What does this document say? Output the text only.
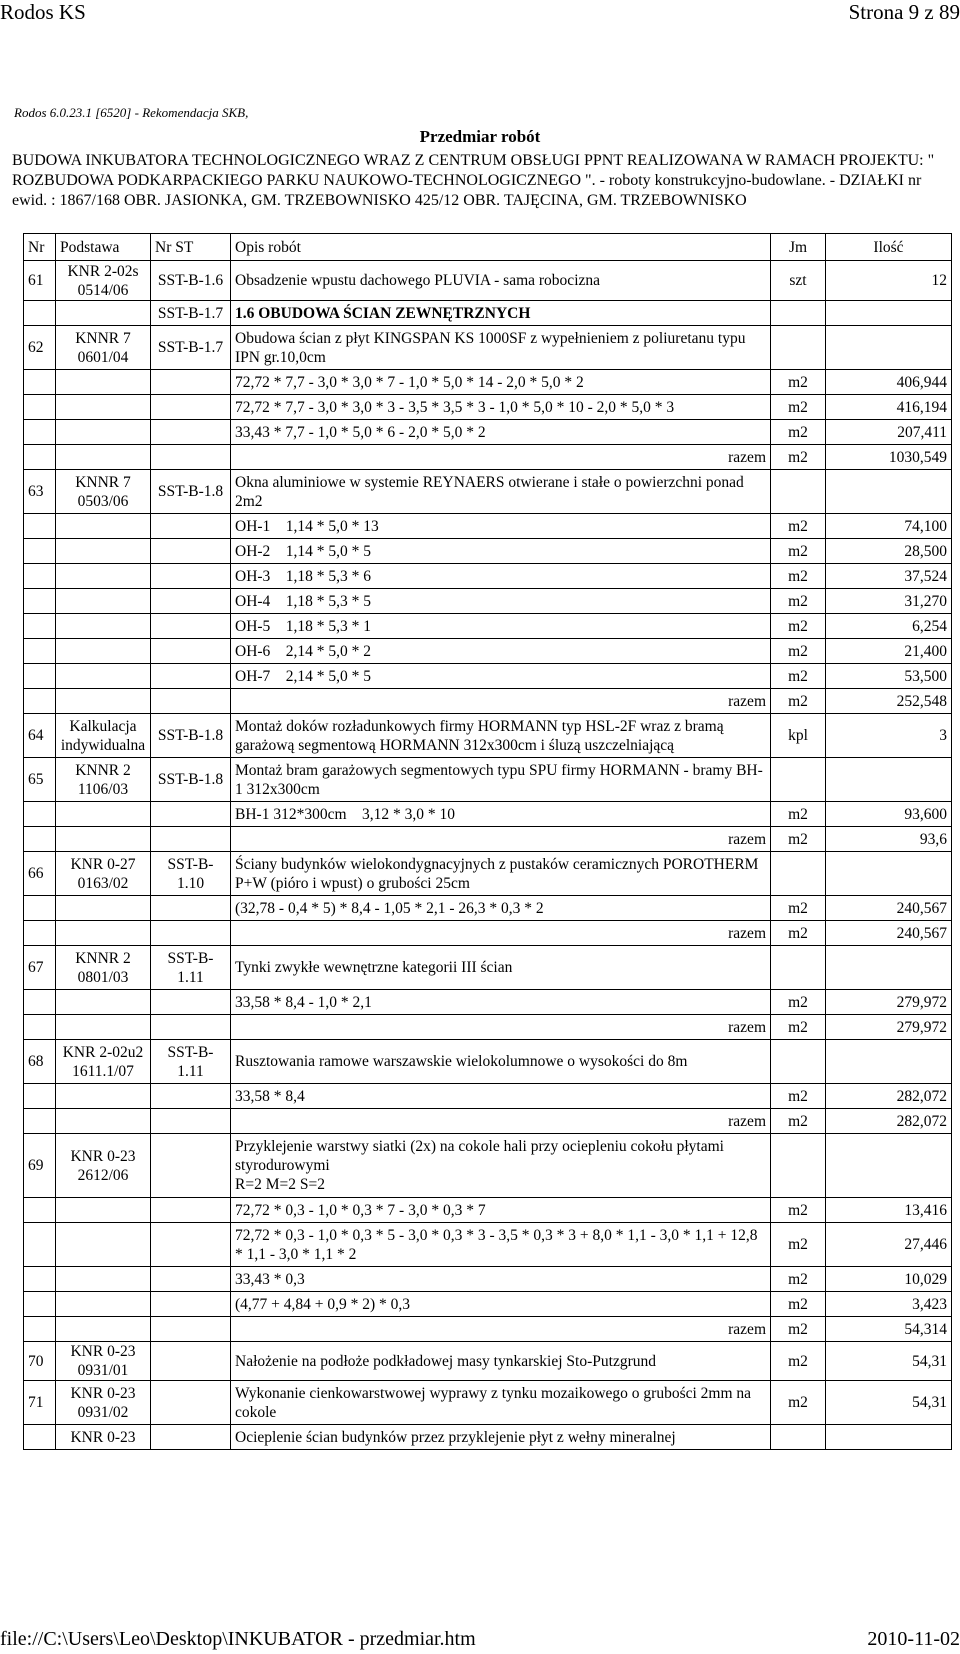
Rodos KS	Strona 9 z 89
Rodos 6.0.23.1 [6520] - Rekomendacja SKB,
Przedmiar robót
BUDOWA INKUBATORA TECHNOLOGICZNEGO WRAZ Z CENTRUM OBSŁUGI PPNT REALIZOWANA W RAMACH PROJEKTU: " ROZBUDOWA PODKARPACKIEGO PARKU NAUKOWO-TECHNOLOGICZNEGO ". - roboty konstrukcyjno-budowlane. - DZIAŁKI nr ewid. : 1867/168 OBR. JASIONKA, GM. TRZEBOWNISKO 425/12 OBR. TAJĘCINA, GM. TRZEBOWNISKO
Nr	Podstawa	Nr ST	Opis robót	Jm	Ilość
61	KNR 2-02s 0514/06	SST-B-1.6	Obsadzenie wpustu dachowego PLUVIA - sama robocizna	szt	12
		SST-B-1.7	1.6 OBUDOWA ŚCIAN ZEWNĘTRZNYCH		
62	KNNR 7 0601/04	SST-B-1.7	Obudowa ścian z płyt KINGSPAN KS 1000SF z wypełnieniem z poliuretanu typu IPN gr.10,0cm		
			72,72 * 7,7 - 3,0 * 3,0 * 7 - 1,0 * 5,0 * 14 - 2,0 * 5,0 * 2	m2	406,944
			72,72 * 7,7 - 3,0 * 3,0 * 3 - 3,5 * 3,5 * 3 - 1,0 * 5,0 * 10 - 2,0 * 5,0 * 3	m2	416,194
			33,43 * 7,7 - 1,0 * 5,0 * 6 - 2,0 * 5,0 * 2	m2	207,411
			razem	m2	1030,549
63	KNNR 7 0503/06	SST-B-1.8	Okna aluminiowe w systemie REYNAERS otwierane i stałe o powierzchni ponad 2m2		
			OH-1    1,14 * 5,0 * 13	m2	74,100
			OH-2    1,14 * 5,0 * 5	m2	28,500
			OH-3    1,18 * 5,3 * 6	m2	37,524
			OH-4    1,18 * 5,3 * 5	m2	31,270
			OH-5    1,18 * 5,3 * 1	m2	6,254
			OH-6    2,14 * 5,0 * 2	m2	21,400
			OH-7    2,14 * 5,0 * 5	m2	53,500
			razem	m2	252,548
64	Kalkulacja indywidualna	SST-B-1.8	Montaż doków rozładunkowych firmy HORMANN typ HSL-2F wraz z bramą garażową segmentową HORMANN 312x300cm i śluzą uszczelniającą	kpl	3
65	KNNR 2 1106/03	SST-B-1.8	Montaż bram garażowych segmentowych typu SPU firmy HORMANN - bramy BH-1 312x300cm		
			BH-1 312*300cm    3,12 * 3,0 * 10	m2	93,600
			razem	m2	93,6
66	KNR 0-27 0163/02	SST-B-1.10	Ściany budynków wielokondygnacyjnych z pustaków ceramicznych POROTHERM P+W (pióro i wpust) o grubości 25cm		
			(32,78 - 0,4 * 5) * 8,4 - 1,05 * 2,1 - 26,3 * 0,3 * 2	m2	240,567
			razem	m2	240,567
67	KNNR 2 0801/03	SST-B-1.11	Tynki zwykłe wewnętrzne kategorii III ścian		
			33,58 * 8,4 - 1,0 * 2,1	m2	279,972
			razem	m2	279,972
68	KNR 2-02u2 1611.1/07	SST-B-1.11	Rusztowania ramowe warszawskie wielokolumnowe o wysokości do 8m		
			33,58 * 8,4	m2	282,072
			razem	m2	282,072
69	KNR 0-23 2612/06		Przyklejenie warstwy siatki (2x) na cokole hali przy ociepleniu cokołu płytami styrodurowymi
R=2 M=2 S=2		
			72,72 * 0,3 - 1,0 * 0,3 * 7 - 3,0 * 0,3 * 7	m2	13,416
			72,72 * 0,3 - 1,0 * 0,3 * 5 - 3,0 * 0,3 * 3 - 3,5 * 0,3 * 3 + 8,0 * 1,1 - 3,0 * 1,1 + 12,8 * 1,1 - 3,0 * 1,1 * 2	m2	27,446
			33,43 * 0,3	m2	10,029
			(4,77 + 4,84 + 0,9 * 2) * 0,3	m2	3,423
			razem	m2	54,314
70	KNR 0-23 0931/01		Nałożenie na podłoże podkładowej masy tynkarskiej Sto-Putzgrund	m2	54,31
71	KNR 0-23 0931/02		Wykonanie cienkowarstwowej wyprawy z tynku mozaikowego o grubości 2mm na cokole	m2	54,31
	KNR 0-23		Ocieplenie ścian budynków przez przyklejenie płyt z wełny mineralnej		
file://C:\Users\Leo\Desktop\INKUBATOR - przedmiar.htm	2010-11-02
